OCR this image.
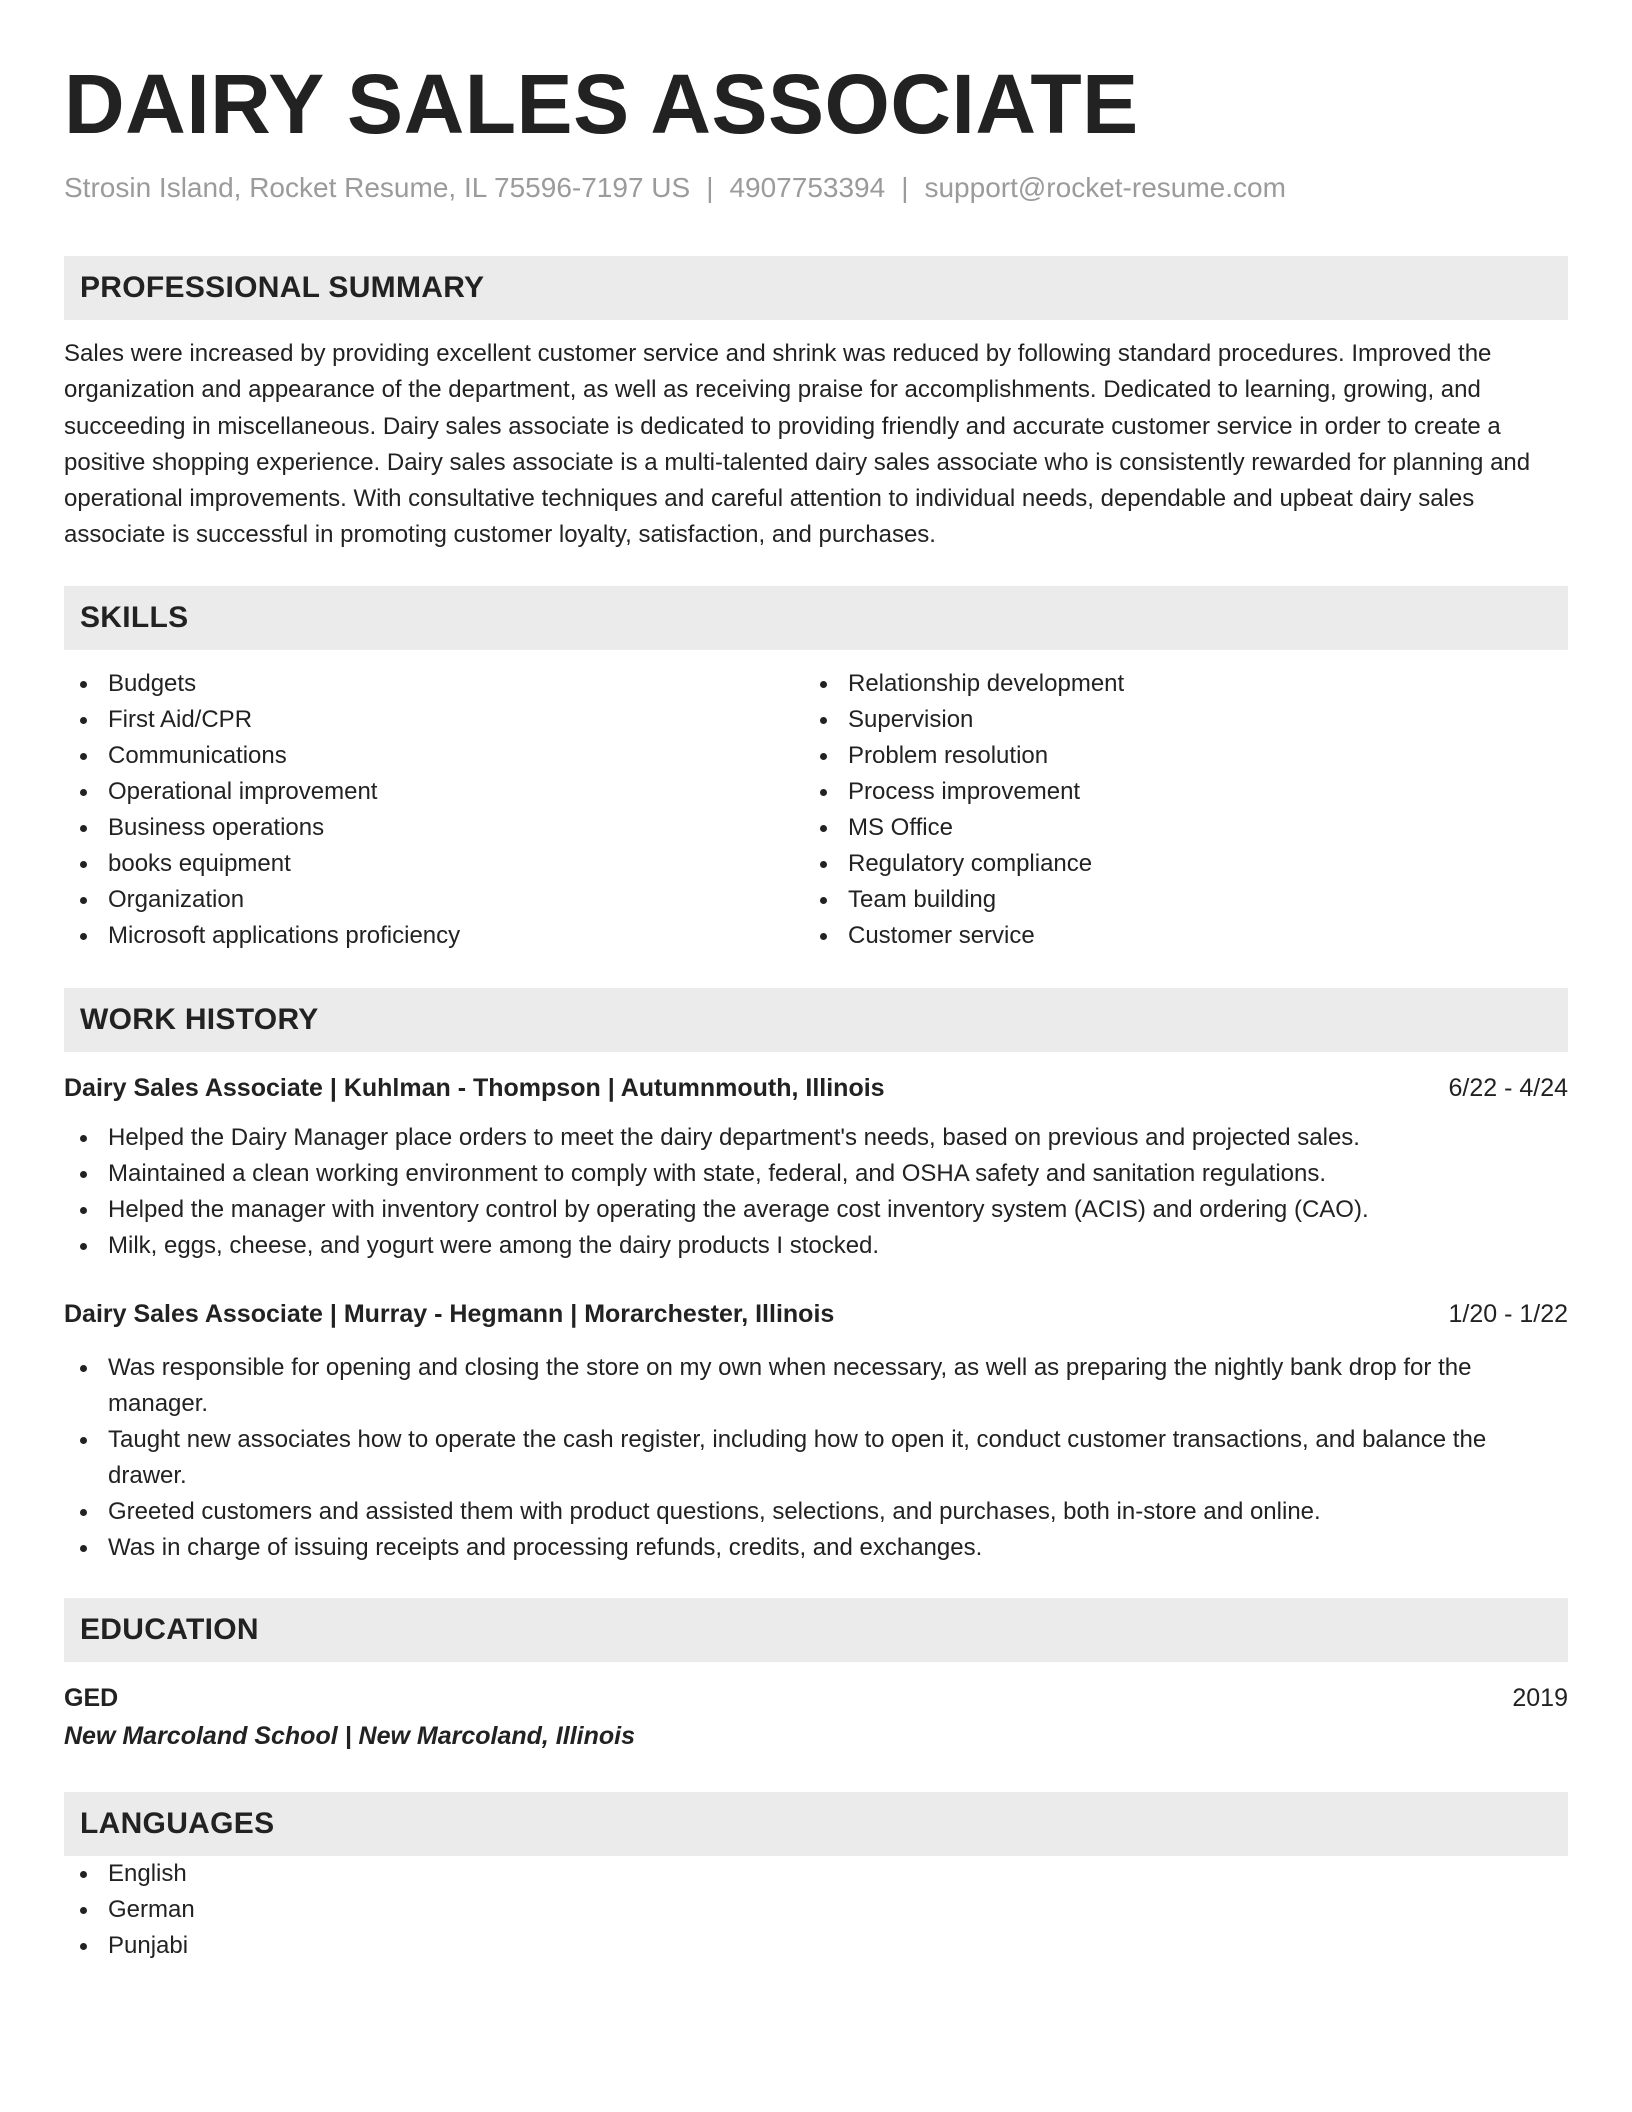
DAIRY SALES ASSOCIATE
Strosin Island, Rocket Resume, IL 75596-7197 US | 4907753394 | support@rocket-resume.com
PROFESSIONAL SUMMARY
Sales were increased by providing excellent customer service and shrink was reduced by following standard procedures. Improved the organization and appearance of the department, as well as receiving praise for accomplishments. Dedicated to learning, growing, and succeeding in miscellaneous. Dairy sales associate is dedicated to providing friendly and accurate customer service in order to create a positive shopping experience. Dairy sales associate is a multi-talented dairy sales associate who is consistently rewarded for planning and operational improvements. With consultative techniques and careful attention to individual needs, dependable and upbeat dairy sales associate is successful in promoting customer loyalty, satisfaction, and purchases.
SKILLS
Budgets
First Aid/CPR
Communications
Operational improvement
Business operations
books equipment
Organization
Microsoft applications proficiency
Relationship development
Supervision
Problem resolution
Process improvement
MS Office
Regulatory compliance
Team building
Customer service
WORK HISTORY
Dairy Sales Associate | Kuhlman - Thompson | Autumnmouth, Illinois	6/22 - 4/24
Helped the Dairy Manager place orders to meet the dairy department's needs, based on previous and projected sales.
Maintained a clean working environment to comply with state, federal, and OSHA safety and sanitation regulations.
Helped the manager with inventory control by operating the average cost inventory system (ACIS) and ordering (CAO).
Milk, eggs, cheese, and yogurt were among the dairy products I stocked.
Dairy Sales Associate | Murray - Hegmann | Morarchester, Illinois	1/20 - 1/22
Was responsible for opening and closing the store on my own when necessary, as well as preparing the nightly bank drop for the manager.
Taught new associates how to operate the cash register, including how to open it, conduct customer transactions, and balance the drawer.
Greeted customers and assisted them with product questions, selections, and purchases, both in-store and online.
Was in charge of issuing receipts and processing refunds, credits, and exchanges.
EDUCATION
GED	2019
New Marcoland School | New Marcoland, Illinois
LANGUAGES
English
German
Punjabi
